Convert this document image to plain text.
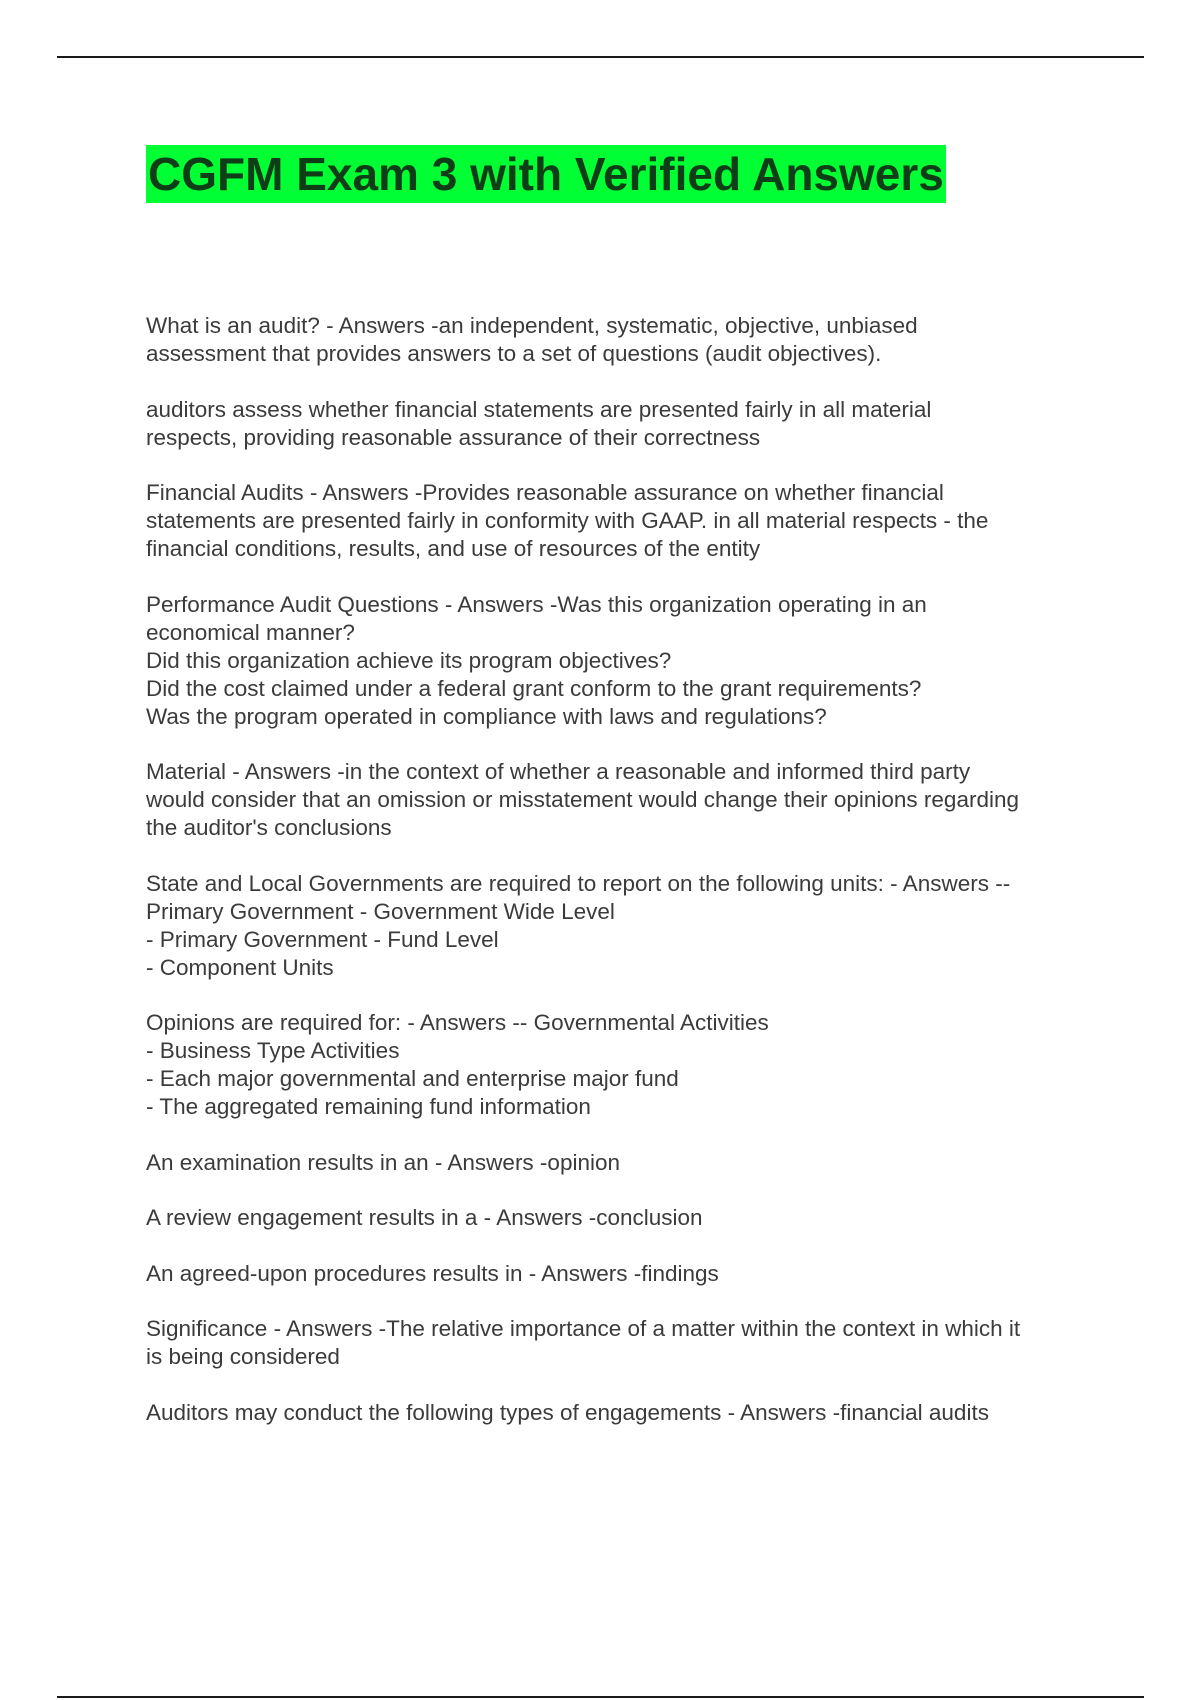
CGFM Exam 3 with Verified Answers
What is an audit? - Answers -an independent, systematic, objective, unbiased
assessment that provides answers to a set of questions (audit objectives).
auditors assess whether financial statements are presented fairly in all material
respects, providing reasonable assurance of their correctness
Financial Audits - Answers -Provides reasonable assurance on whether financial
statements are presented fairly in conformity with GAAP. in all material respects - the
financial conditions, results, and use of resources of the entity
Performance Audit Questions - Answers -Was this organization operating in an
economical manner?
Did this organization achieve its program objectives?
Did the cost claimed under a federal grant conform to the grant requirements?
Was the program operated in compliance with laws and regulations?
Material - Answers -in the context of whether a reasonable and informed third party
would consider that an omission or misstatement would change their opinions regarding
the auditor's conclusions
State and Local Governments are required to report on the following units: - Answers --
Primary Government - Government Wide Level
- Primary Government - Fund Level
- Component Units
Opinions are required for: - Answers -- Governmental Activities
- Business Type Activities
- Each major governmental and enterprise major fund
- The aggregated remaining fund information
An examination results in an - Answers -opinion
A review engagement results in a - Answers -conclusion
An agreed-upon procedures results in - Answers -findings
Significance - Answers -The relative importance of a matter within the context in which it
is being considered
Auditors may conduct the following types of engagements - Answers -financial audits
